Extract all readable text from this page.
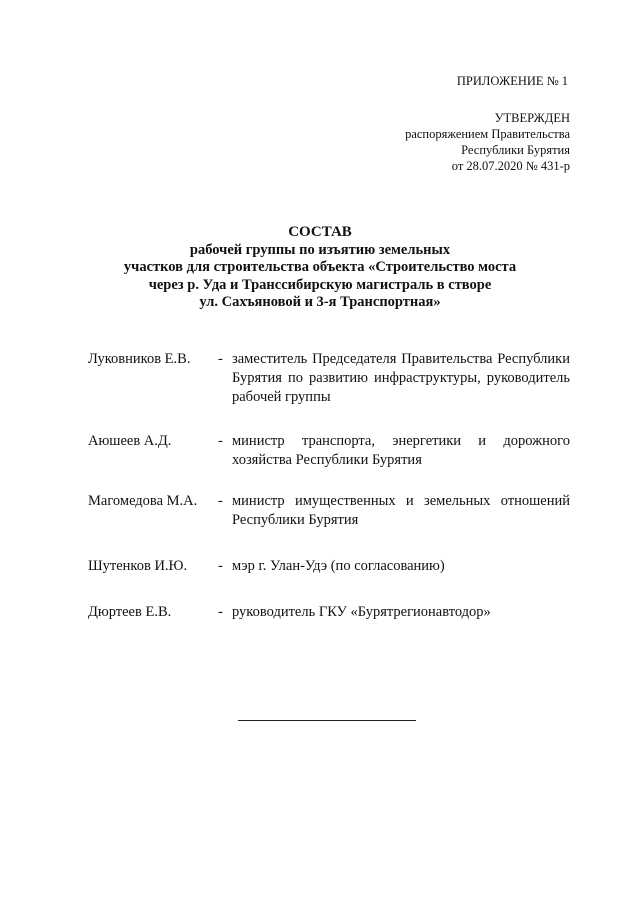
ПРИЛОЖЕНИЕ № 1
УТВЕРЖДЕН
распоряжением Правительства
Республики Бурятия
от 28.07.2020 № 431-р
СОСТАВ
рабочей группы по изъятию земельных
участков для строительства объекта «Строительство моста
через р. Уда и Транссибирскую магистраль в створе
ул. Сахъяновой и 3-я Транспортная»
Луковников Е.В. - заместитель Председателя Правительства Республики Бурятия по развитию инфраструктуры, руководитель рабочей группы
Аюшеев А.Д.	- министр транспорта, энергетики и дорожного хозяйства Республики Бурятия
Магомедова М.А. - министр имущественных и земельных отношений Республики Бурятия
Шутенков И.Ю. - мэр г. Улан-Удэ (по согласованию)
Дюртеев Е.В.	- руководитель ГКУ «Бурятрегионавтодор»
